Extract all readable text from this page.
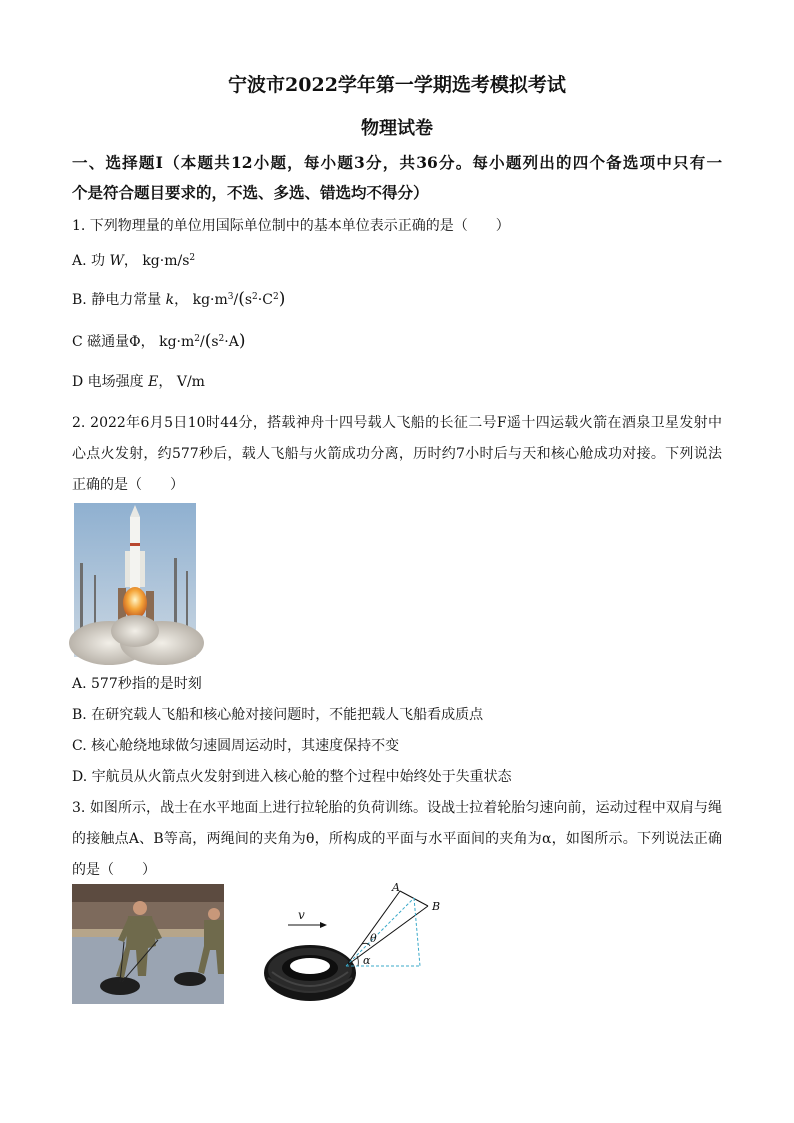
宁波市2022学年第一学期选考模拟考试
物理试卷
一、选择题Ⅰ（本题共12小题，每小题3分，共36分。每小题列出的四个备选项中只有一
个是符合题目要求的，不选、多选、错选均不得分）
1. 下列物理量的单位用国际单位制中的基本单位表示正确的是（　　）
A. 功 W， $kg\cdot m/s^2$
B. 静电力常量 k， $kg\cdot m^3/(s^2\cdot C^2)$
C 磁通量Φ， $kg\cdot m^2/(s^2\cdot A)$
D 电场强度 E， V/m
2. 2022年6月5日10时44分，搭载神舟十四号载人飞船的长征二号F遥十四运载火箭在酒泉卫星发射中
心点火发射，约577秒后，载人飞船与火箭成功分离，历时约7小时后与天和核心舱成功对接。下列说法
正确的是（　　）
A. 577秒指的是时刻
B. 在研究载人飞船和核心舱对接问题时，不能把载人飞船看成质点
C. 核心舱绕地球做匀速圆周运动时，其速度保持不变
D. 宇航员从火箭点火发射到进入核心舱的整个过程中始终处于失重状态
3. 如图所示，战士在水平地面上进行拉轮胎的负荷训练。设战士拉着轮胎匀速向前，运动过程中双肩与绳
的接触点A、B等高，两绳间的夹角为θ，所构成的平面与水平面间的夹角为α，如图所示。下列说法正确
的是（　　）
v
A
B
θ
α
